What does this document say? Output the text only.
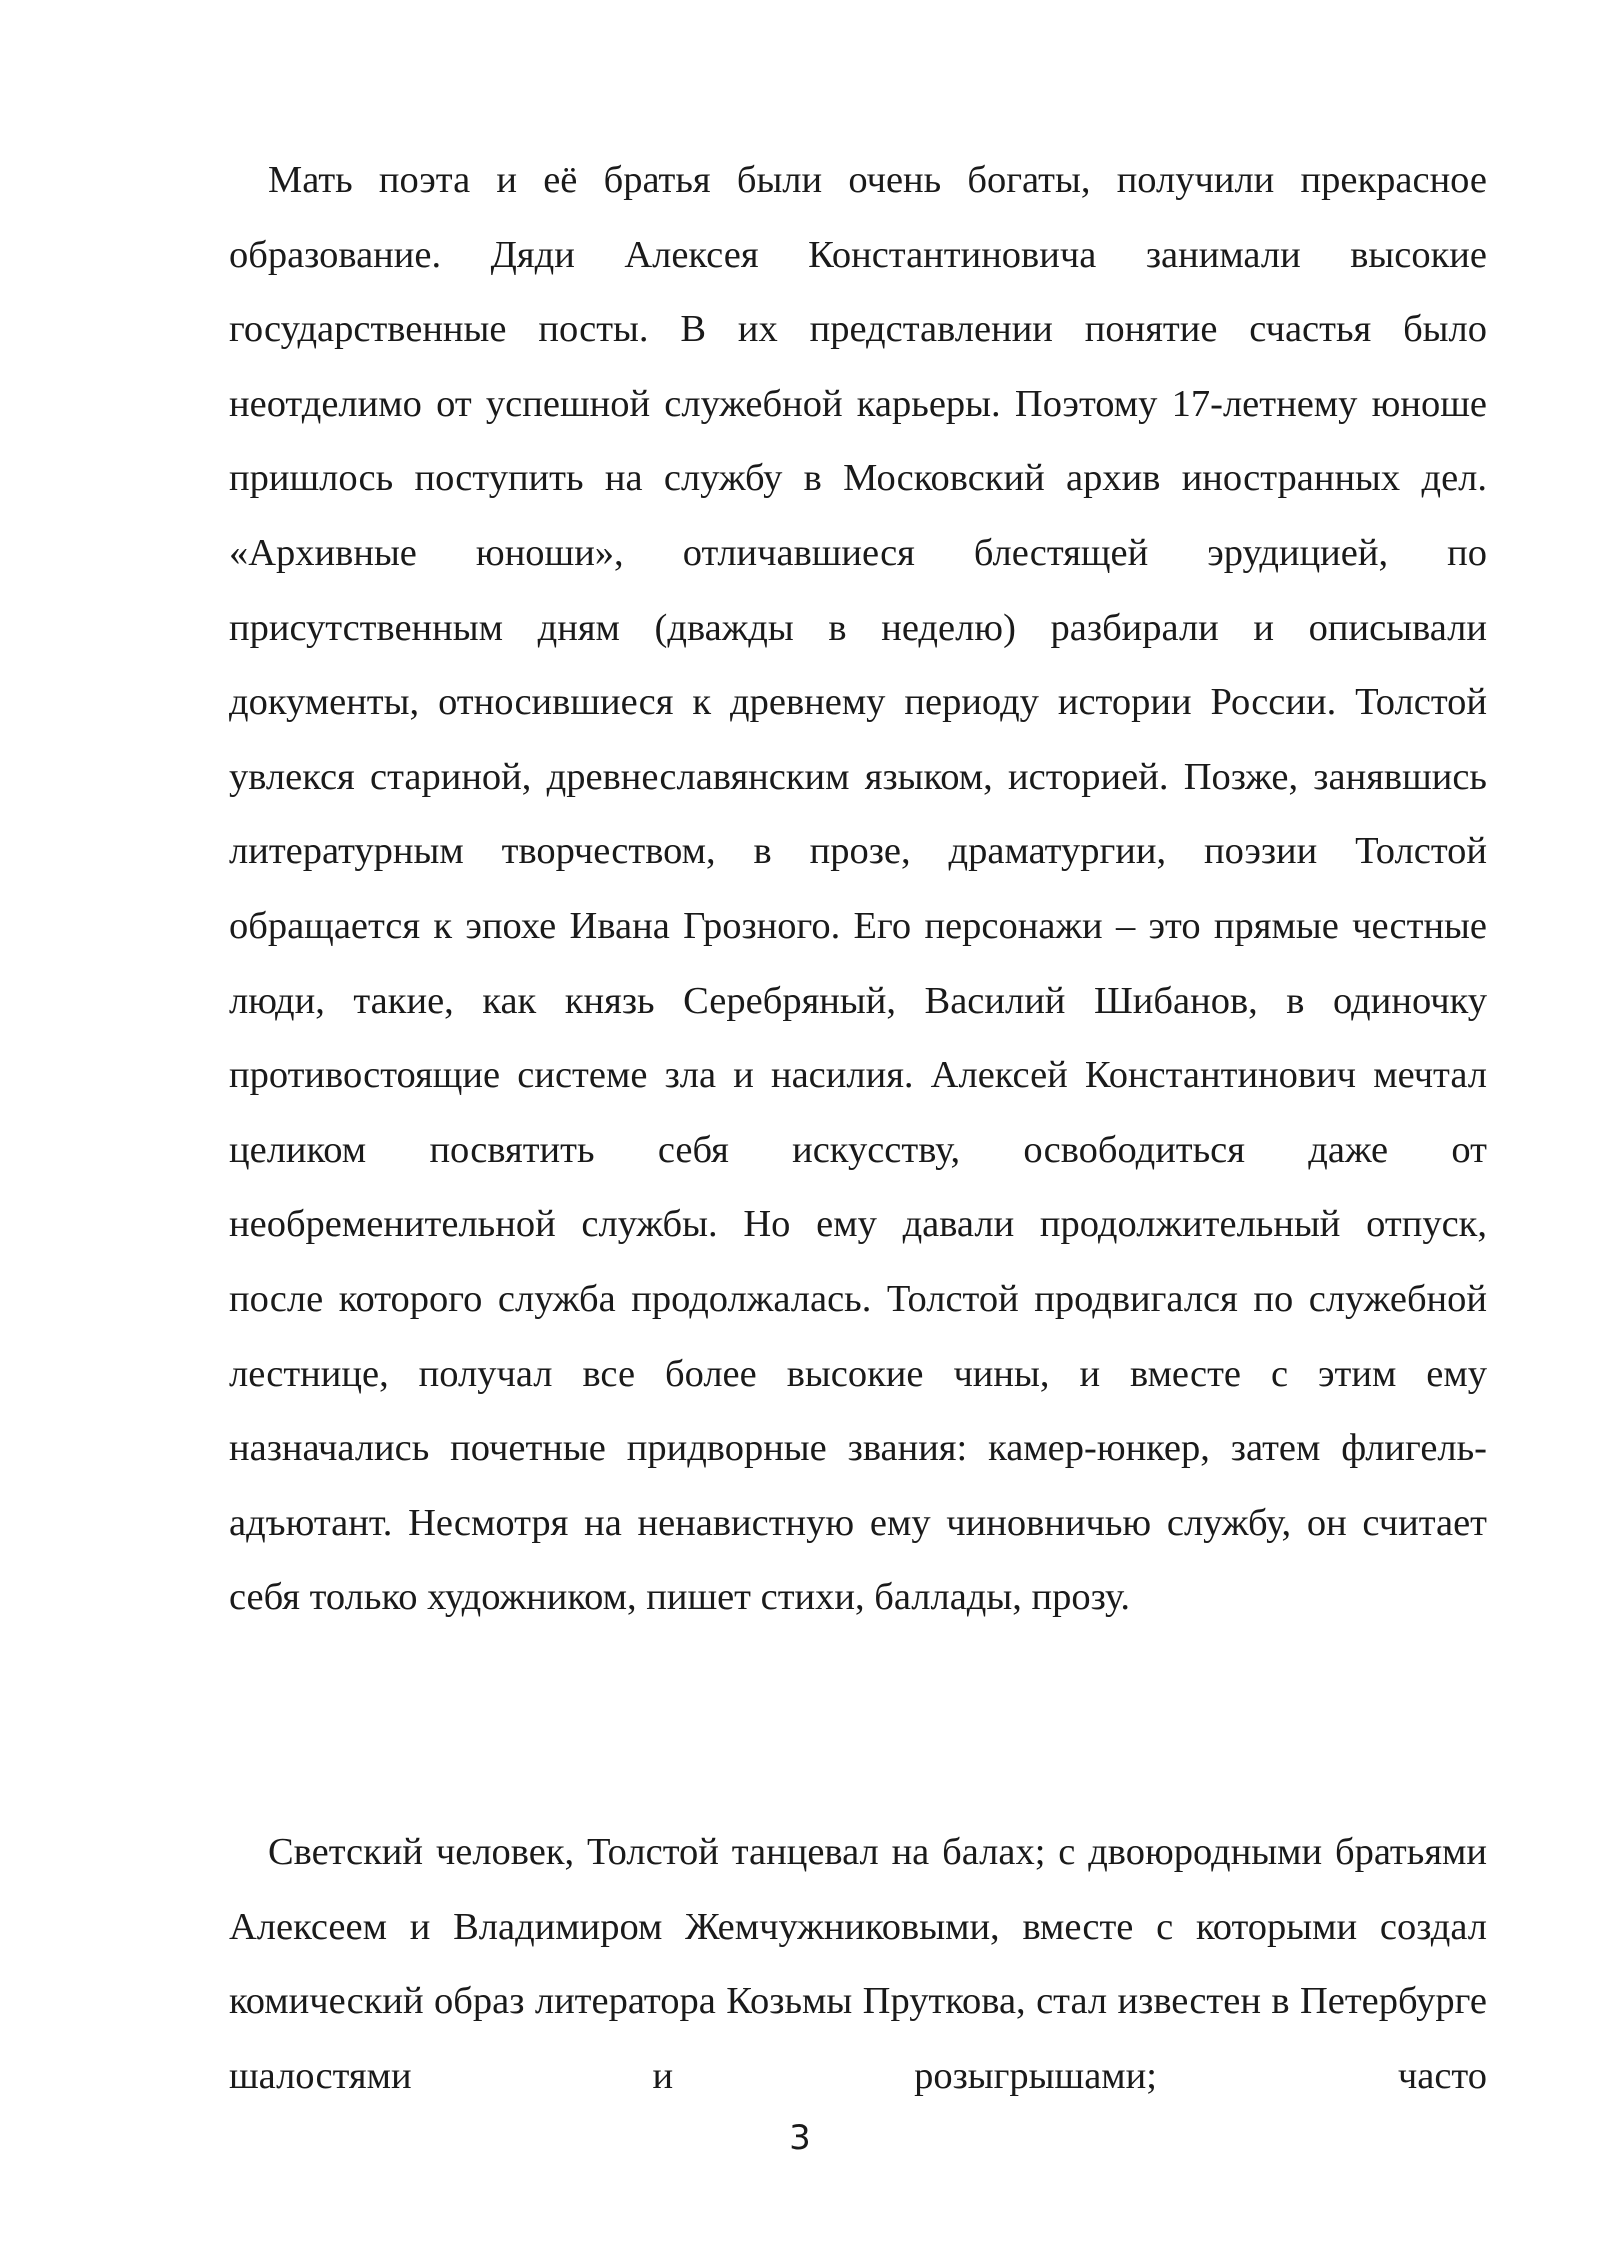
Мать поэта и её братья были очень богаты, получили прекрасное образование. Дяди Алексея Константиновича занимали высокие государственные посты. В их представлении понятие счастья было неотделимо от успешной служебной карьеры. Поэтому 17-летнему юноше пришлось поступить на службу в Московский архив иностранных дел. «Архивные юноши», отличавшиеся блестящей эрудицией, по присутственным дням (дважды в неделю) разбирали и описывали документы, относившиеся к древнему периоду истории России. Толстой увлекся стариной, древнеславянским языком, историей. Позже, занявшись литературным творчеством, в прозе, драматургии, поэзии Толстой обращается к эпохе Ивана Грозного. Его персонажи – это прямые честные люди, такие, как князь Серебряный, Василий Шибанов, в одиночку противостоящие системе зла и насилия. Алексей Константинович мечтал целиком посвятить себя искусству, освободиться даже от необременительной службы. Но ему давали продолжительный отпуск, после которого служба продолжалась. Толстой продвигался по служебной лестнице, получал все более высокие чины, и вместе с этим ему назначались почетные придворные звания: камер-юнкер, затем флигель-адъютант. Несмотря на ненавистную ему чиновничью службу, он считает себя только художником, пишет стихи, баллады, прозу.

Светский человек, Толстой танцевал на балах; с двоюродными братьями Алексеем и Владимиром Жемчужниковыми, вместе с которыми создал комический образ литератора Козьмы Пруткова, стал известен в Петербурге шалостями и розыгрышами; часто

3
